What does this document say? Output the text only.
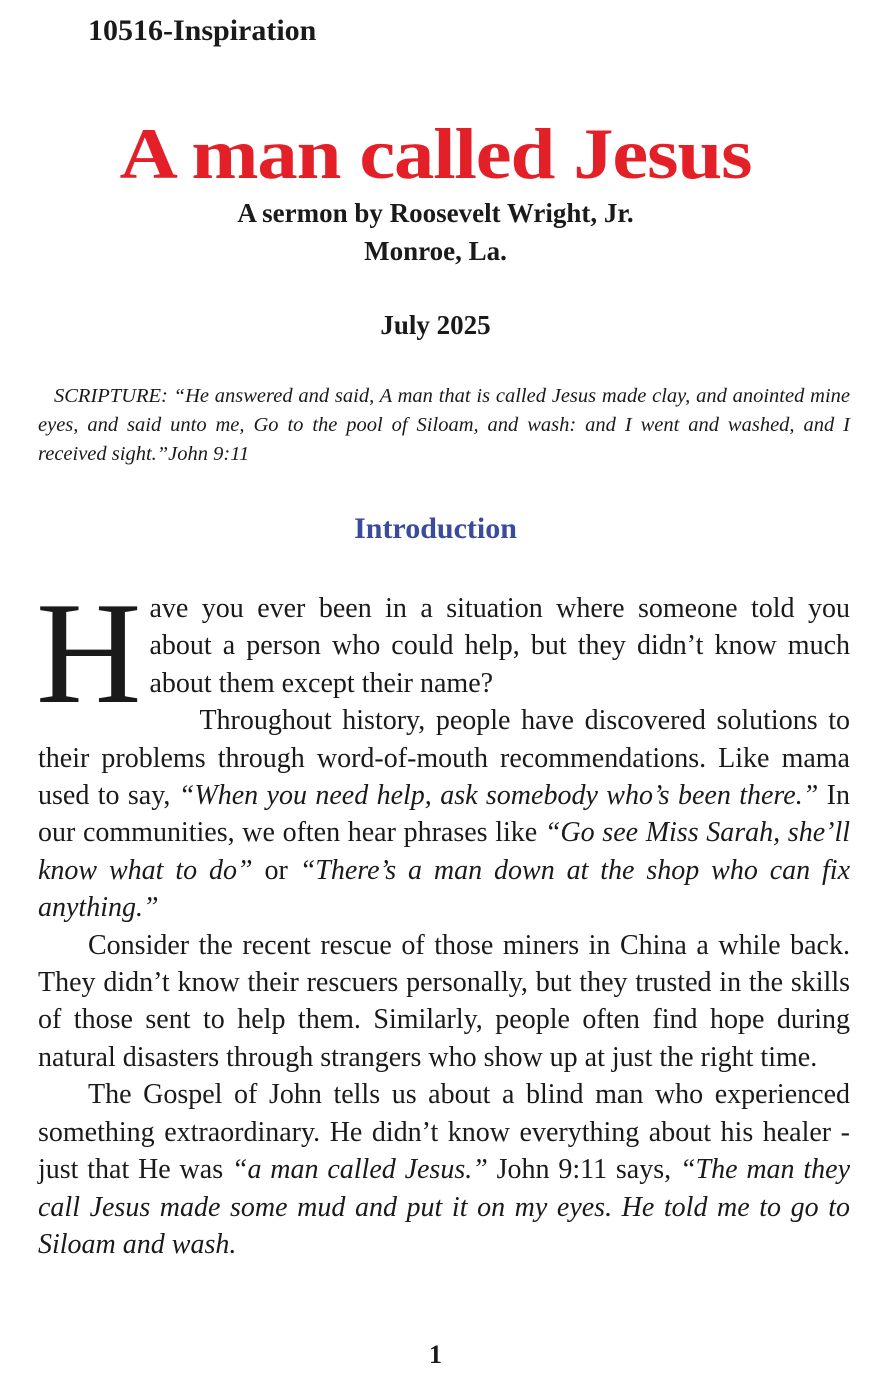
10516-Inspiration
A man called Jesus
A sermon by Roosevelt Wright, Jr.
Monroe, La.
July 2025
SCRIPTURE: “He answered and said, A man that is called Jesus made clay, and anointed mine eyes, and said unto me, Go to the pool of Siloam, and wash: and I went and washed, and I received sight.”John 9:11
Introduction

Have you ever been in a situation where someone told you about a person who could help, but they didn’t know much about them except their name?

Throughout history, people have discovered solutions to their problems through word-of-mouth recommendations. Like mama used to say, “When you need help, ask somebody who’s been there.” In our communities, we often hear phrases like “Go see Miss Sarah, she’ll know what to do” or “There’s a man down at the shop who can fix anything.”

Consider the recent rescue of those miners in China a while back. They didn’t know their rescuers personally, but they trusted in the skills of those sent to help them. Similarly, people often find hope during natural disasters through strangers who show up at just the right time.

The Gospel of John tells us about a blind man who experienced something extraordinary. He didn’t know everything about his healer - just that He was “a man called Jesus.” John 9:11 says, “The man they call Jesus made some mud and put it on my eyes. He told me to go to Siloam and wash.

1
